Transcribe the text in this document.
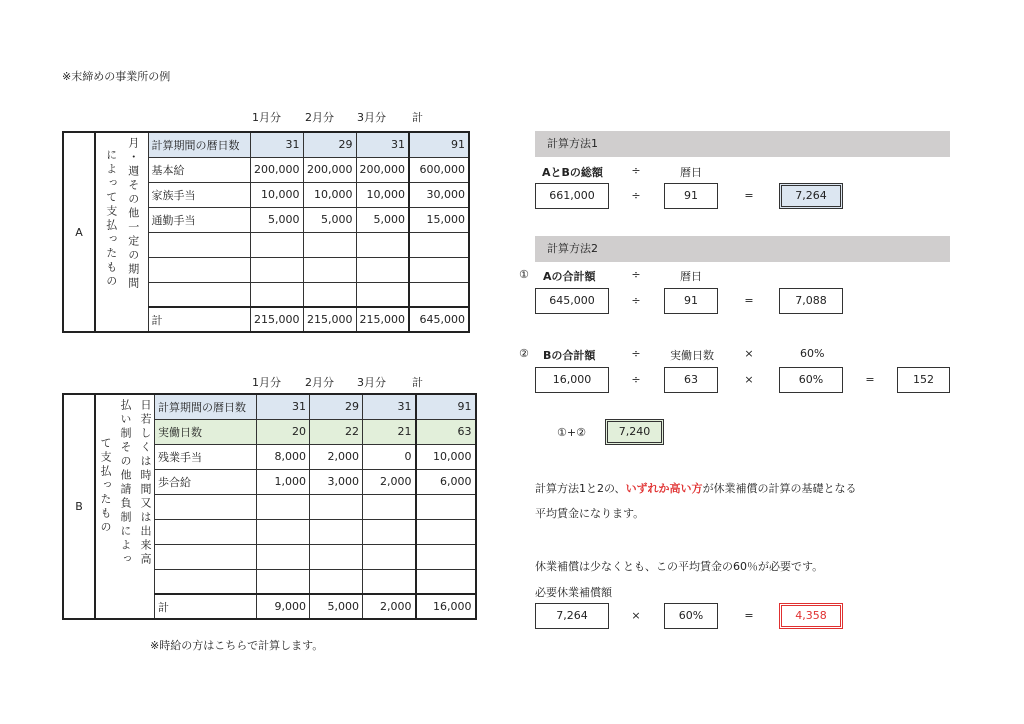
※末締めの事業所の例
1月分 2月分 3月分 計
A	月・週その他一定の期間
によって支払ったもの	計算期間の暦日数	31	29	31	91
		基本給	200,000	200,000	200,000	600,000
		家族手当	10,000	10,000	10,000	30,000
		通勤手当	5,000	5,000	5,000	15,000

		計	215,000	215,000	215,000	645,000
1月分 2月分 3月分 計
B	日若しくは時間又は出来高
払い制その他請負制によっ
て支払ったもの	計算期間の暦日数	31	29	31	91
		実働日数	20	22	21	63
		残業手当	8,000	2,000	0	10,000
		歩合給	1,000	3,000	2,000	6,000

		計	9,000	5,000	2,000	16,000
※時給の方はこちらで計算します。
計算方法1
AとBの総額	÷	暦日
661,000	÷	91	=	7,264
計算方法2
① Aの合計額	÷	暦日
645,000	÷	91	=	7,088
② Bの合計額	÷	実働日数	×	60%
16,000	÷	63	×	60%	=	152
①+②	7,240
計算方法1と2の、いずれか高い方が休業補償の計算の基礎となる
平均賃金になります。
休業補償は少なくとも、この平均賃金の60％が必要です。
必要休業補償額
7,264	×	60%	=	4,358
